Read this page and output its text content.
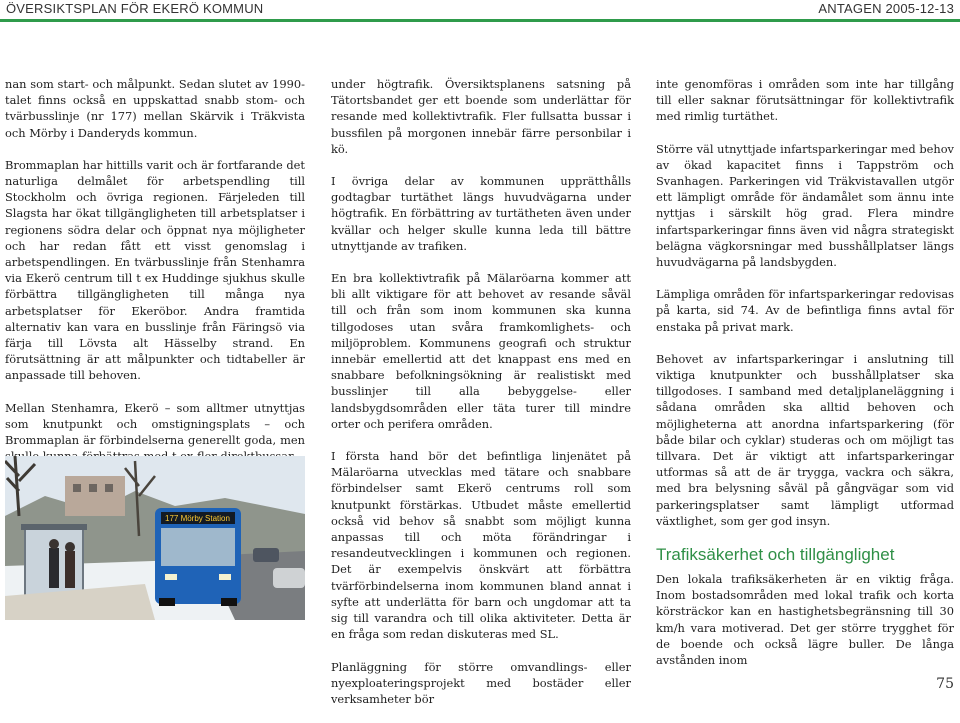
ÖVERSIKTSPLAN FÖR EKERÖ KOMMUN	ANTAGEN 2005-12-13

nan som start- och målpunkt. Sedan slutet av 1990-talet finns också en uppskattad snabb stom- och tvärbusslinje (nr 177) mellan Skärvik i Träkvista och Mörby i Danderyds kommun.

Brommaplan har hittills varit och är fortfarande det naturliga delmålet för arbetspendling till Stockholm och övriga regionen. Färjeleden till Slagsta har ökat tillgängligheten till arbetsplatser i regionens södra delar och öppnat nya möjligheter och har redan fått ett visst genomslag i arbetspendlingen. En tvärbusslinje från Stenhamra via Ekerö centrum till t ex Huddinge sjukhus skulle förbättra tillgängligheten till många nya arbetsplatser för Ekeröbor. Andra framtida alternativ kan vara en busslinje från Färingsö via färja till Lövsta alt Hässelby strand. En förutsättning är att målpunkter och tidtabeller är anpassade till behoven.

Mellan Stenhamra, Ekerö – som alltmer utnyttjas som knutpunkt och omstigningsplats – och Brommaplan är förbindelserna generellt goda, men

177 Mörby Station

under högtrafik. Översiktsplanens satsning på Tätortsbandet ger ett boende som underlättar för resande med kollektivtrafik. Fler fullsatta bussar i bussfilen på morgonen innebär färre personbilar i kö.

I övriga delar av kommunen upprätthålls godtagbar turtäthet längs huvudvägarna under högtrafik. En förbättring av turtätheten även under kvällar och helger skulle kunna leda till bättre utnyttjande av trafiken.

En bra kollektivtrafik på Mälaröarna kommer att bli allt viktigare för att behovet av resande såväl till och från som inom kommunen ska kunna tillgodoses utan svåra framkomlighets- och miljöproblem. Kommunens geografi och struktur innebär emellertid att det knappast ens med en snabbare befolkningsökning är realistiskt med busslinjer till alla bebyggelse- eller landsbygdsområden eller täta turer till mindre orter och perifera områden.

I första hand bör det befintliga linjenätet på Mälaröarna utvecklas med tätare och snabbare förbindelser samt Ekerö centrums roll som knutpunkt förstärkas. Utbudet måste emellertid också vid behov så snabbt som möjligt kunna anpassas till och möta förändringar i resandeutvecklingen i kommunen och regionen. Det är exempelvis önskvärt att förbättra tvärförbindelserna inom kommunen bland annat i syfte att underlätta för barn och ungdomar att ta sig till varandra och till olika aktiviteter. Detta är en fråga som redan diskuteras med SL.

Planläggning för större omvandlings- eller nyexploateringsprojekt med bostäder eller verksamheter bör

inte genomföras i områden som inte har tillgång till eller saknar förutsättningar för kollektivtrafik med rimlig turtäthet.

Större väl utnyttjade infartsparkeringar med behov av ökad kapacitet finns i Tappström och Svanhagen. Parkeringen vid Träkvistavallen utgör ett lämpligt område för ändamålet som ännu inte nyttjas i särskilt hög grad. Flera mindre infartsparkeringar finns även vid några strategiskt belägna vägkorsningar med busshållplatser längs huvudvägarna på landsbygden.

Lämpliga områden för infartsparkeringar redovisas på karta, sid 74. Av de befintliga finns avtal för enstaka på privat mark.

Behovet av infartsparkeringar i anslutning till viktiga knutpunkter och busshållplatser ska tillgodoses. I samband med detaljplaneläggning i sådana områden ska alltid behoven och möjligheterna att anordna infartsparkering (för både bilar och cyklar) studeras och om möjligt tas tillvara. Det är viktigt att infartsparkeringar utformas så att de är trygga, vackra och säkra, med bra belysning såväl på gångvägar som vid parkeringsplatser samt lämpligt utformad växtlighet, som ger god insyn.

Trafiksäkerhet och tillgänglighet

Den lokala trafiksäkerheten är en viktig fråga. Inom bostadsområden med lokal trafik och korta körsträckor kan en hastighetsbegränsning till 30 km/h vara motiverad. Det ger större trygghet för de boende och också lägre buller. De långa avstånden inom

75
